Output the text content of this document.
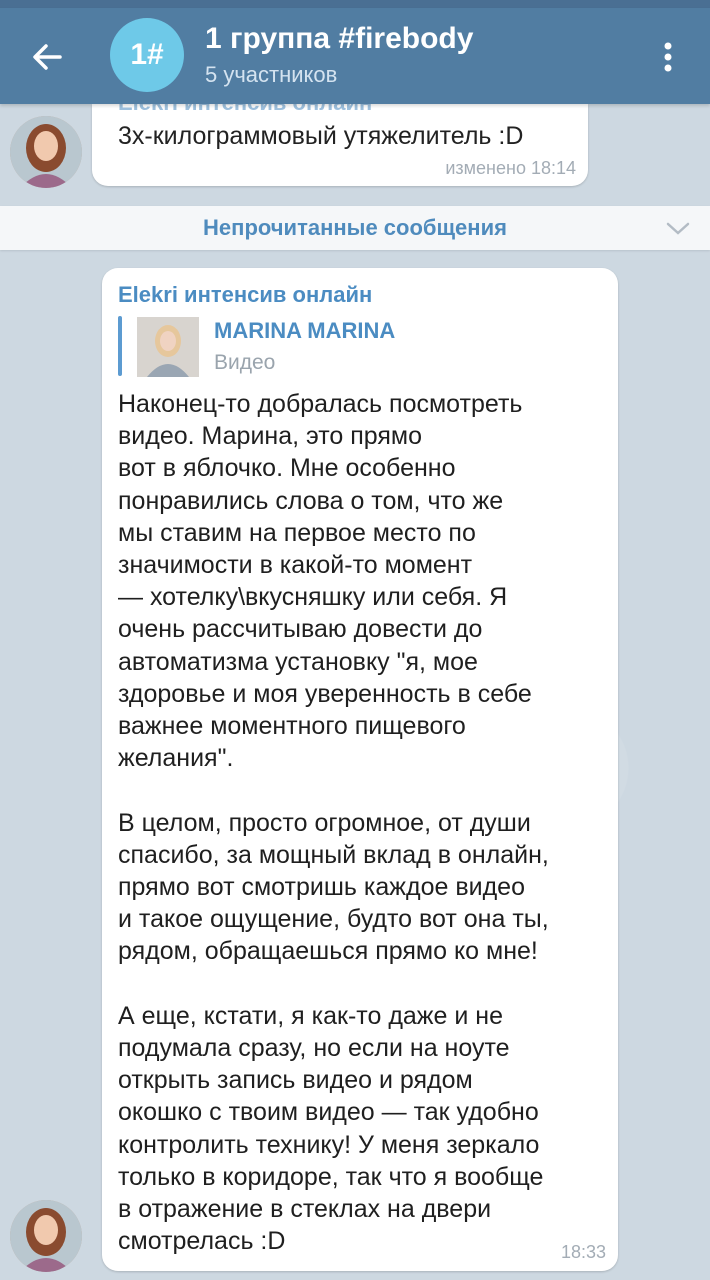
1#	1 группа #firebody
5 участников
3х-килограммовый утяжелитель :D
изменено 18:14
Непрочитанные сообщения
Elekri интенсив онлайн
MARINA MARINA
Видео

Наконец-то добралась посмотреть
видео. Марина, это прямо
вот в яблочко. Мне особенно
понравились слова о том, что же
мы ставим на первое место по
значимости в какой-то момент
— хотелку\вкусняшку или себя. Я
очень рассчитываю довести до
автоматизма установку "я, мое
здоровье и моя уверенность в себе
важнее моментного пищевого
желания".

В целом, просто огромное, от души
спасибо, за мощный вклад в онлайн,
прямо вот смотришь каждое видео
и такое ощущение, будто вот она ты,
рядом, обращаешься прямо ко мне!

А еще, кстати, я как-то даже и не
подумала сразу, но если на ноуте
открыть запись видео и рядом
окошко с твоим видео — так удобно
контролить технику! У меня зеркало
только в коридоре, так что я вообще
в отражение в стеклах на двери
смотрелась :D	18:33
